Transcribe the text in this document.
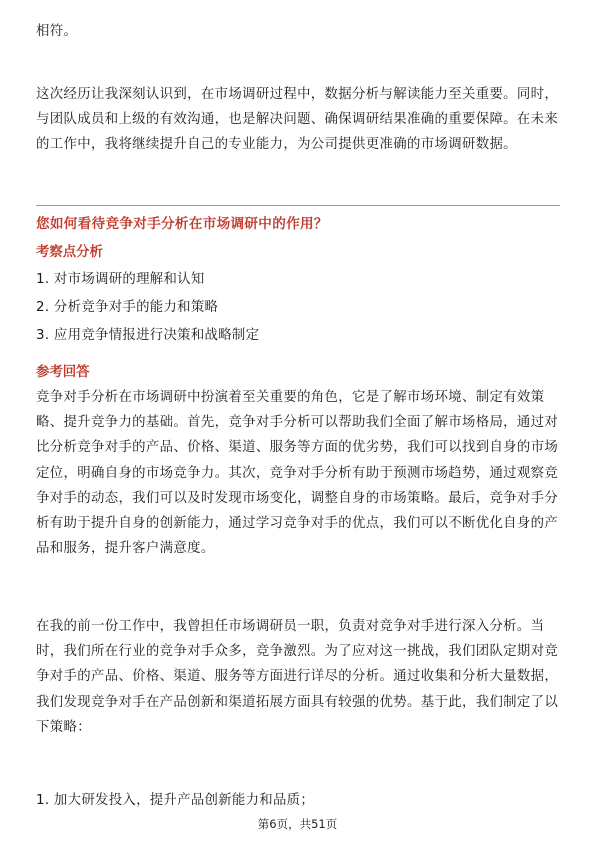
相符。
这次经历让我深刻认识到，在市场调研过程中，数据分析与解读能力至关重要。同时，与团队成员和上级的有效沟通，也是解决问题、确保调研结果准确的重要保障。在未来的工作中，我将继续提升自己的专业能力，为公司提供更准确的市场调研数据。
您如何看待竞争对手分析在市场调研中的作用？
考察点分析
1. 对市场调研的理解和认知
2. 分析竞争对手的能力和策略
3. 应用竞争情报进行决策和战略制定
参考回答
竞争对手分析在市场调研中扮演着至关重要的角色，它是了解市场环境、制定有效策略、提升竞争力的基础。首先，竞争对手分析可以帮助我们全面了解市场格局，通过对比分析竞争对手的产品、价格、渠道、服务等方面的优劣势，我们可以找到自身的市场定位，明确自身的市场竞争力。其次，竞争对手分析有助于预测市场趋势，通过观察竞争对手的动态，我们可以及时发现市场变化，调整自身的市场策略。最后，竞争对手分析有助于提升自身的创新能力，通过学习竞争对手的优点，我们可以不断优化自身的产品和服务，提升客户满意度。
在我的前一份工作中，我曾担任市场调研员一职，负责对竞争对手进行深入分析。当时，我们所在行业的竞争对手众多，竞争激烈。为了应对这一挑战，我们团队定期对竞争对手的产品、价格、渠道、服务等方面进行详尽的分析。通过收集和分析大量数据，我们发现竞争对手在产品创新和渠道拓展方面具有较强的优势。基于此，我们制定了以下策略：
1. 加大研发投入，提升产品创新能力和品质；
第6页，共51页
